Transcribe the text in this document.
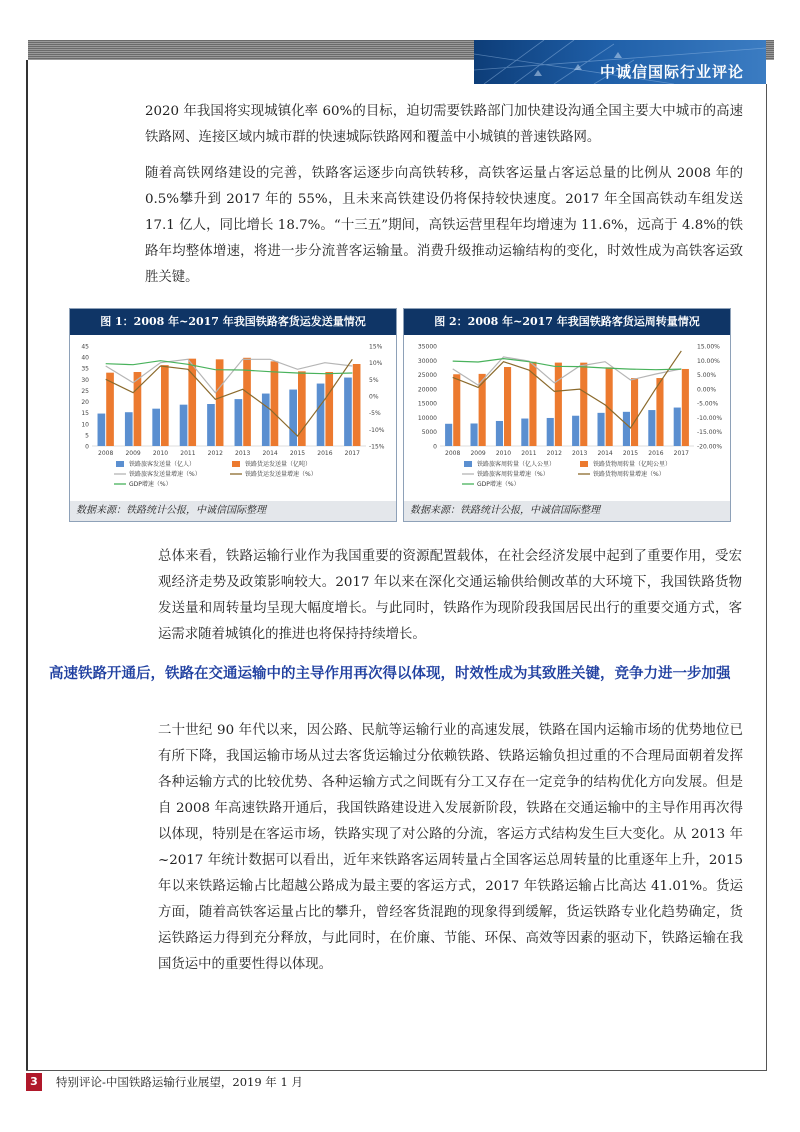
中诚信国际行业评论

2020 年我国将实现城镇化率 60%的目标，迫切需要铁路部门加快建设沟通全国主要大中城市的高速铁路网、连接区域内城市群的快速城际铁路网和覆盖中小城镇的普速铁路网。

随着高铁网络建设的完善，铁路客运逐步向高铁转移，高铁客运量占客运总量的比例从 2008 年的 0.5%攀升到 2017 年的 55%，且未来高铁建设仍将保持较快速度。2017 年全国高铁动车组发送 17.1 亿人，同比增长 18.7%。“十三五”期间，高铁运营里程年均增速为 11.6%，远高于 4.8%的铁路年均整体增速，将进一步分流普客运输量。消费升级推动运输结构的变化，时效性成为高铁客运致胜关键。

图 1：2008 年~2017 年我国铁路客货运发送量情况
45
40
35
30
25
20
15
10
5
0
15%
10%
5%
0%
-5%
-10%
-15%
2008 2009 2010 2011 2012 2013 2014 2015 2016 2017
铁路旅客发送量（亿人）	铁路货运发送量（亿吨）
铁路旅客发送量增速（%）	铁路货运发送量增速（%）
GDP增速（%）
数据来源：铁路统计公报，中诚信国际整理
图 2：2008 年~2017 年我国铁路客货运周转量情况
35000
30000
25000
20000
15000
10000
5000
0
15.00%
10.00%
5.00%
0.00%
-5.00%
-10.00%
-15.00%
-20.00%
2008 2009 2010 2011 2012 2013 2014 2015 2016 2017
铁路旅客周转量（亿人公里）	铁路货物周转量（亿吨公里）
铁路旅客周转量增速（%）	铁路货物周转量增速（%）
GDP增速（%）
数据来源：铁路统计公报，中诚信国际整理

总体来看，铁路运输行业作为我国重要的资源配置载体，在社会经济发展中起到了重要作用，受宏观经济走势及政策影响较大。2017 年以来在深化交通运输供给侧改革的大环境下，我国铁路货物发送量和周转量均呈现大幅度增长。与此同时，铁路作为现阶段我国居民出行的重要交通方式，客运需求随着城镇化的推进也将保持持续增长。

高速铁路开通后，铁路在交通运输中的主导作用再次得以体现，时效性成为其致胜关键，竞争力进一步加强

二十世纪 90 年代以来，因公路、民航等运输行业的高速发展，铁路在国内运输市场的优势地位已有所下降，我国运输市场从过去客货运输过分依赖铁路、铁路运输负担过重的不合理局面朝着发挥各种运输方式的比较优势、各种运输方式之间既有分工又存在一定竞争的结构优化方向发展。但是自 2008 年高速铁路开通后，我国铁路建设进入发展新阶段，铁路在交通运输中的主导作用再次得以体现，特别是在客运市场，铁路实现了对公路的分流，客运方式结构发生巨大变化。从 2013 年~2017 年统计数据可以看出，近年来铁路客运周转量占全国客运总周转量的比重逐年上升，2015 年以来铁路运输占比超越公路成为最主要的客运方式，2017 年铁路运输占比高达 41.01%。货运方面，随着高铁客运量占比的攀升，曾经客货混跑的现象得到缓解，货运铁路专业化趋势确定，货运铁路运力得到充分释放，与此同时，在价廉、节能、环保、高效等因素的驱动下，铁路运输在我国货运中的重要性得以体现。

3	特别评论-中国铁路运输行业展望，2019 年 1 月
